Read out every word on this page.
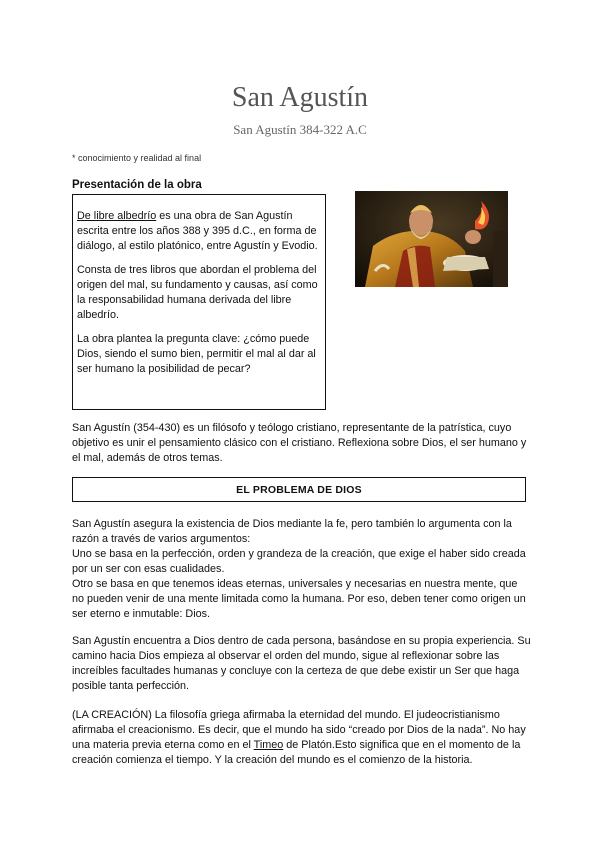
San Agustín
San Agustín 384-322 A.C
* conocimiento y realidad al final
Presentación de la obra

De libre albedrío es una obra de San Agustín escrita entre los años 388 y 395 d.C., en forma de diálogo, al estilo platónico, entre Agustín y Evodio.

Consta de tres libros que abordan el problema del origen del mal, su fundamento y causas, así como la responsabilidad humana derivada del libre albedrío.

La obra plantea la pregunta clave: ¿cómo puede Dios, siendo el sumo bien, permitir el mal al dar al ser humano la posibilidad de pecar?

San Agustín (354-430) es un filósofo y teólogo cristiano, representante de la patrística, cuyo objetivo es unir el pensamiento clásico con el cristiano. Reflexiona sobre Dios, el ser humano y el mal, además de otros temas.

EL PROBLEMA DE DIOS

San Agustín asegura la existencia de Dios mediante la fe, pero también lo argumenta con la razón a través de varios argumentos:

Uno se basa en la perfección, orden y grandeza de la creación, que exige el haber sido creada por un ser con esas cualidades.

Otro se basa en que tenemos ideas eternas, universales y necesarias en nuestra mente, que no pueden venir de una mente limitada como la humana. Por eso, deben tener como origen un ser eterno e inmutable: Dios.

San Agustín encuentra a Dios dentro de cada persona, basándose en su propia experiencia. Su camino hacia Dios empieza al observar el orden del mundo, sigue al reflexionar sobre las increíbles facultades humanas y concluye con la certeza de que debe existir un Ser que haga posible tanta perfección.

(LA CREACIÓN) La filosofía griega afirmaba la eternidad del mundo. El judeocristianismo afirmaba el creacionismo. Es decir, que el mundo ha sido “creado por Dios de la nada”. No hay una materia previa eterna como en el Timeo de Platón.Esto significa que en el momento de la creación comienza el tiempo. Y la creación del mundo es el comienzo de la historia.
